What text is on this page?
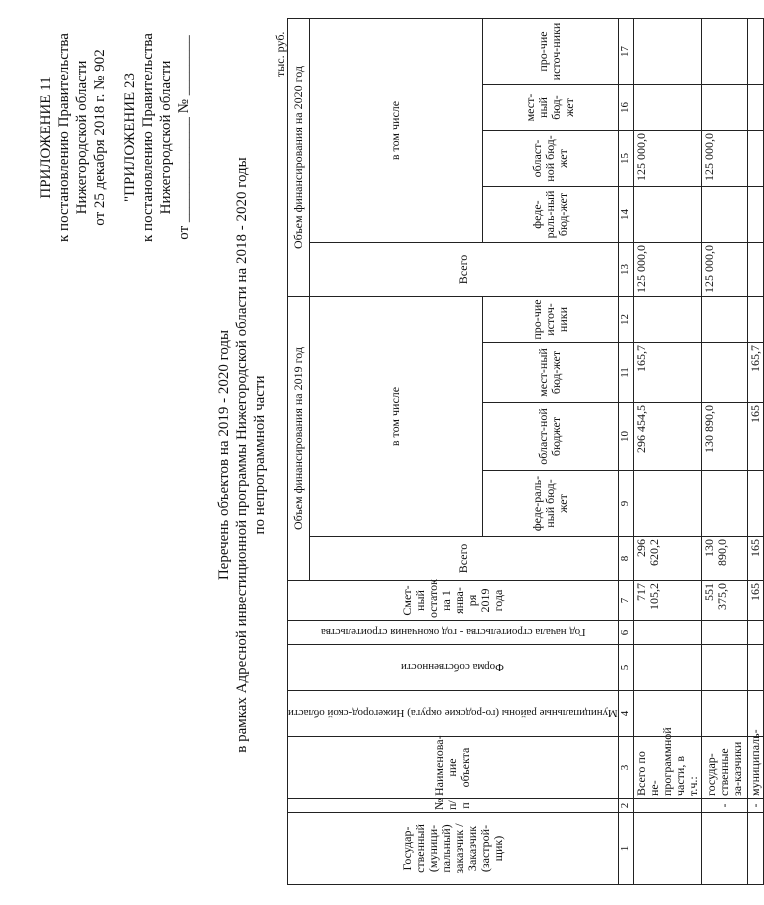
ПРИЛОЖЕНИЕ 11 к постановлению Правительства Нижегородской области от 25 декабря 2018 г. № 902 "ПРИЛОЖЕНИЕ 23 к постановлению Правительства Нижегородской области от ______________ № ________
Перечень объектов на 2019 - 2020 годы в рамках Адресной инвестиционной программы Нижегородской области на 2018 - 2020 годы по непрограммной части
тыс. руб.
Государ-ственный (муници-пальный) заказчик / Заказчик (застрой-щик)	№ п/п	Наименова-ние объекта	Муниципальные районы (го-родские округа) Нижегород-ской области	Форма собственности	Год начала строительства - год окончания строительства	Смет-ный остаток на 1 янва-ря 2019 года	Объем финансирования на 2019 год					Объем финансирования на 2020 год				
							Всего	в том числе				Всего	в том числе			
								феде-раль-ный бюд-жет	област-ной бюджет	мест-ный бюд-жет	про-чие источ-ники		феде-раль-ный бюд-жет	област-ной бюд-жет	мест-ный бюд-жет	про-чие источ-ники
1	2	3	4	5	6	7	8	9	10	11	12	13	14	15	16	17
		Всего по не-программной части, в т.ч.:				717 105,2	296 620,2		296 454,5	165,7		125 000,0		125 000,0		
	-	государ-ственные за-казчики				551 375,0	130 890,0		130 890,0			125 000,0		125 000,0		
	-	муниципаль-				165	165		165	165,7						
